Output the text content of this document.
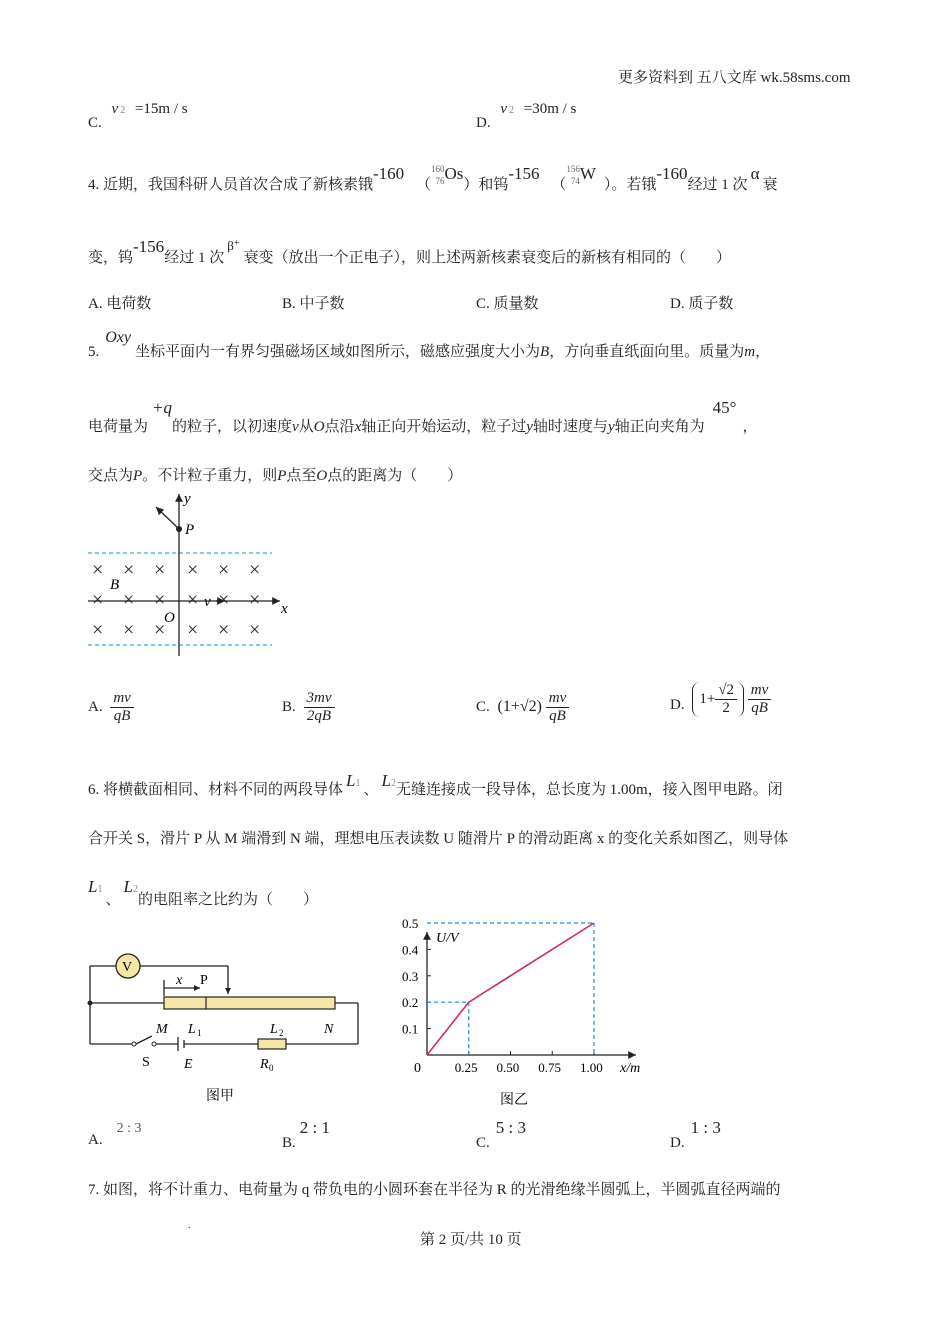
更多资料到 五八文库 wk.58sms.com
C. v 2 =15m / s
D. v 2 =30m / s
4. 近期，我国科研人员首次合成了新核素锇-160 （
160
76 Os）和钨-156 （
156
74 W）。若锇-160经过 1 次α衰
变，钨-156经过 1 次β+衰变（放出一个正电子），则上述两新核素衰变后的新核有相同的（　　）
A. 电荷数	B. 中子数	C. 质量数	D. 质子数
5.Oxy坐标平面内一有界匀强磁场区域如图所示，磁感应强度大小为B，方向垂直纸面向里。质量为m，
电荷量为+q的粒子，以初速度v从O点沿x轴正向开始运动，粒子过y轴时速度与y轴正向夹角为45°，
交点为P。不计粒子重力，则P点至O点的距离为（　　）
y
P
B
v	x
O
× × × × × ×
× × × × × ×
× × × × × ×
A. $\frac{mv}{qB}$	B. $\frac{3mv}{2qB}$	C. $(1+√2) \frac{mv}{qB}$	D. $1+ \frac{√2}{2}$
$\frac{mv}{qB}$
6. 将横截面相同、材料不同的两段导体 L1 、 L2无缝连接成一段导体，总长度为 1.00m，接入图甲电路。闭
合开关 S，滑片 P 从 M 端滑到 N 端，理想电压表读数 U 随滑片 P 的滑动距离 x 的变化关系如图乙，则导体
L1、L2的电阻率之比约为（　　）
V
x P
M L 1	L 2	N
S E	R 0
图甲
U/V
x/m
0
0.1
0.2
0.3
0.4
0.5
0.25 0.50 0.75 1.00
图乙
A.2 : 3
B.2 : 1
C.5 : 3
D.1 : 3
7. 如图，将不计重力、电荷量为 q 带负电的小圆环套在半径为 R 的光滑绝缘半圆弧上，半圆弧直径两端的
.
第 2 页/共 10 页
